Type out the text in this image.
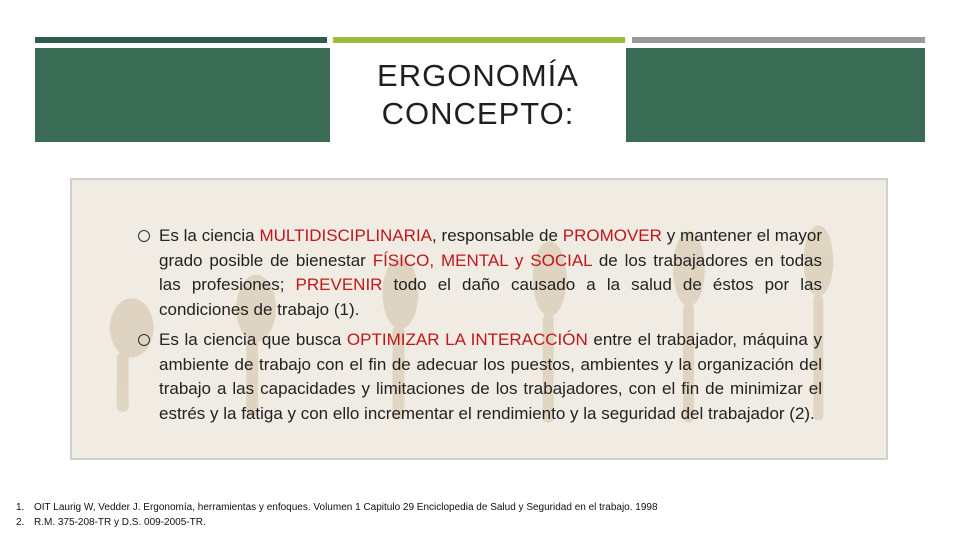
ERGONOMÍA
CONCEPTO:

Es la ciencia MULTIDISCIPLINARIA, responsable de PROMOVER y mantener el mayor grado posible de bienestar FÍSICO, MENTAL y SOCIAL de los trabajadores en todas las profesiones; PREVENIR todo el daño causado a la salud de éstos por las condiciones de trabajo (1).

Es la ciencia que busca OPTIMIZAR LA INTERACCIÓN entre el trabajador, máquina y ambiente de trabajo con el fin de adecuar los puestos, ambientes y la organización del trabajo a las capacidades y limitaciones de los trabajadores, con el fin de minimizar el estrés y la fatiga y con ello incrementar el rendimiento y la seguridad del trabajador (2).

1. OIT Laurig W, Vedder J. Ergonomía, herramientas y enfoques. Volumen 1 Capitulo 29 Enciclopedia de Salud y Seguridad en el trabajo. 1998
2. R.M. 375-208-TR y D.S. 009-2005-TR.
